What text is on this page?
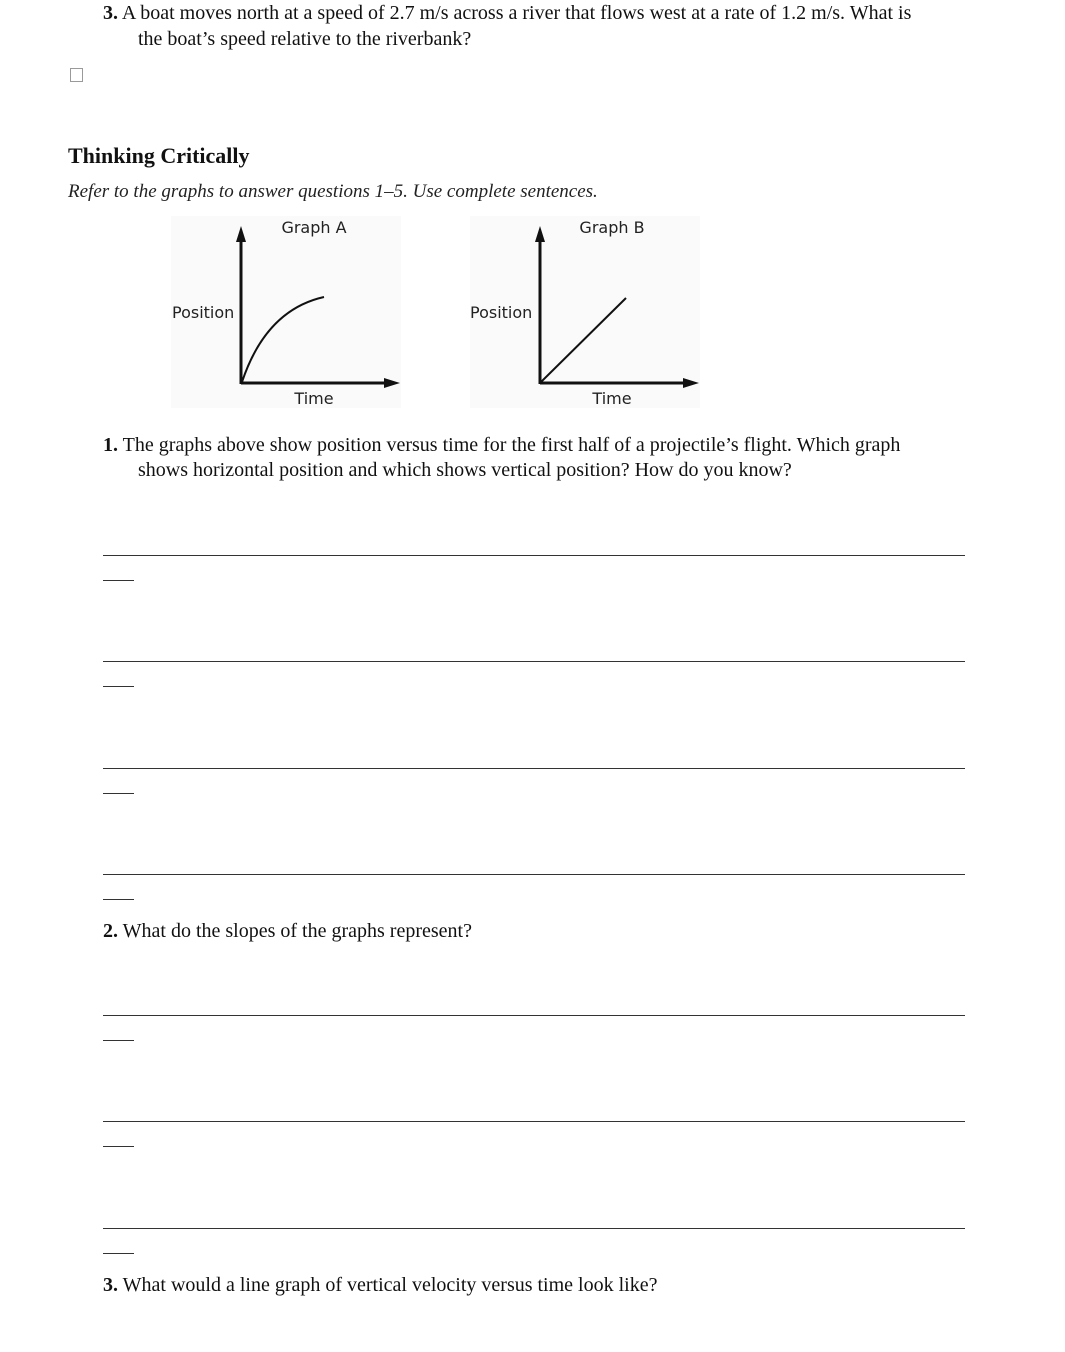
3. A boat moves north at a speed of 2.7 m/s across a river that flows west at a rate of 1.2 m/s. What is
the boat’s speed relative to the riverbank?
Thinking Critically
Refer to the graphs to answer questions 1–5. Use complete sentences.
Graph A
Position
Time
Graph B
Position
Time
1. The graphs above show position versus time for the first half of a projectile’s flight. Which graph
shows horizontal position and which shows vertical position? How do you know?
2. What do the slopes of the graphs represent?
3. What would a line graph of vertical velocity versus time look like?
